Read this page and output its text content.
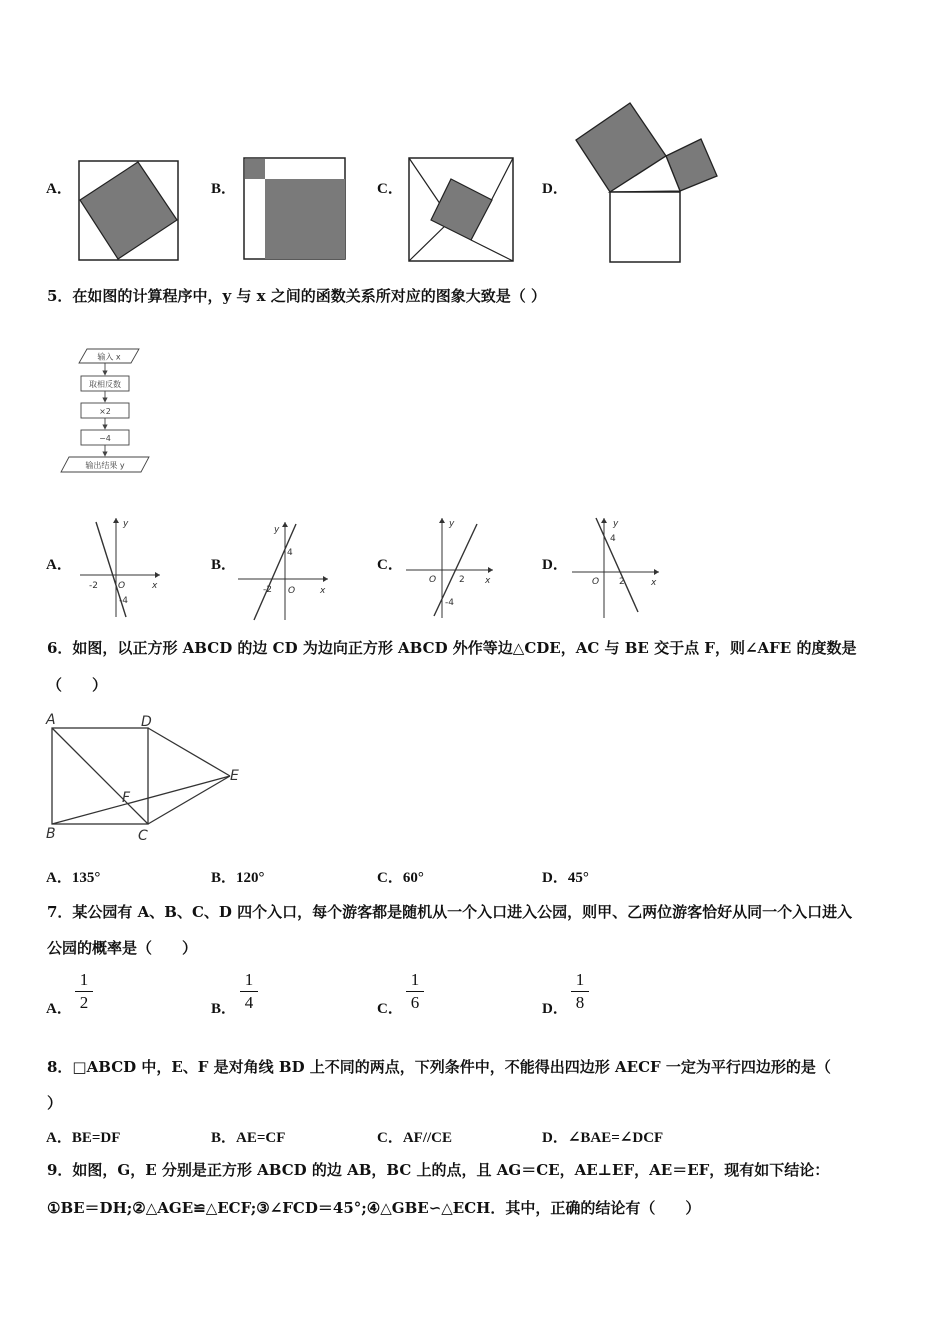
A．	B．	C．	D．
5．在如图的计算程序中，y 与 x 之间的函数关系所对应的图象大致是（ ）
输入 x
取相反数
×2
−4
输出结果 y
A．
y
x
O
-2
-4
B．
y
x
O
-2
4
C．
y
x
O	2
-4
D．
y
x
O 2
4
6．如图，以正方形 ABCD 的边 CD 为边向正方形 ABCD 外作等边△CDE，AC 与 BE 交于点 F，则∠AFE 的度数是
（　　）
A	D
E
F
B	C
A．135°	B．120°	C．60°	D．45°
7．某公园有 A、B、C、D 四个入口，每个游客都是随机从一个入口进入公园，则甲、乙两位游客恰好从同一个入口进入
公园的概率是（　　）
A．
1
2	B．
1
4	C．
1
6	D．
1
8
8．□ABCD 中，E、F 是对角线 BD 上不同的两点，下列条件中，不能得出四边形 AECF 一定为平行四边形的是（
）
A．BE=DF	B．AE=CF	C．AF//CE	D．∠BAE=∠DCF
9．如图，G，E 分别是正方形 ABCD 的边 AB，BC 上的点，且 AG＝CE，AE⊥EF，AE＝EF，现有如下结论：
①BE＝DH;②△AGE≌△ECF;③∠FCD＝45°;④△GBE∽△ECH．其中，正确的结论有（　　）
